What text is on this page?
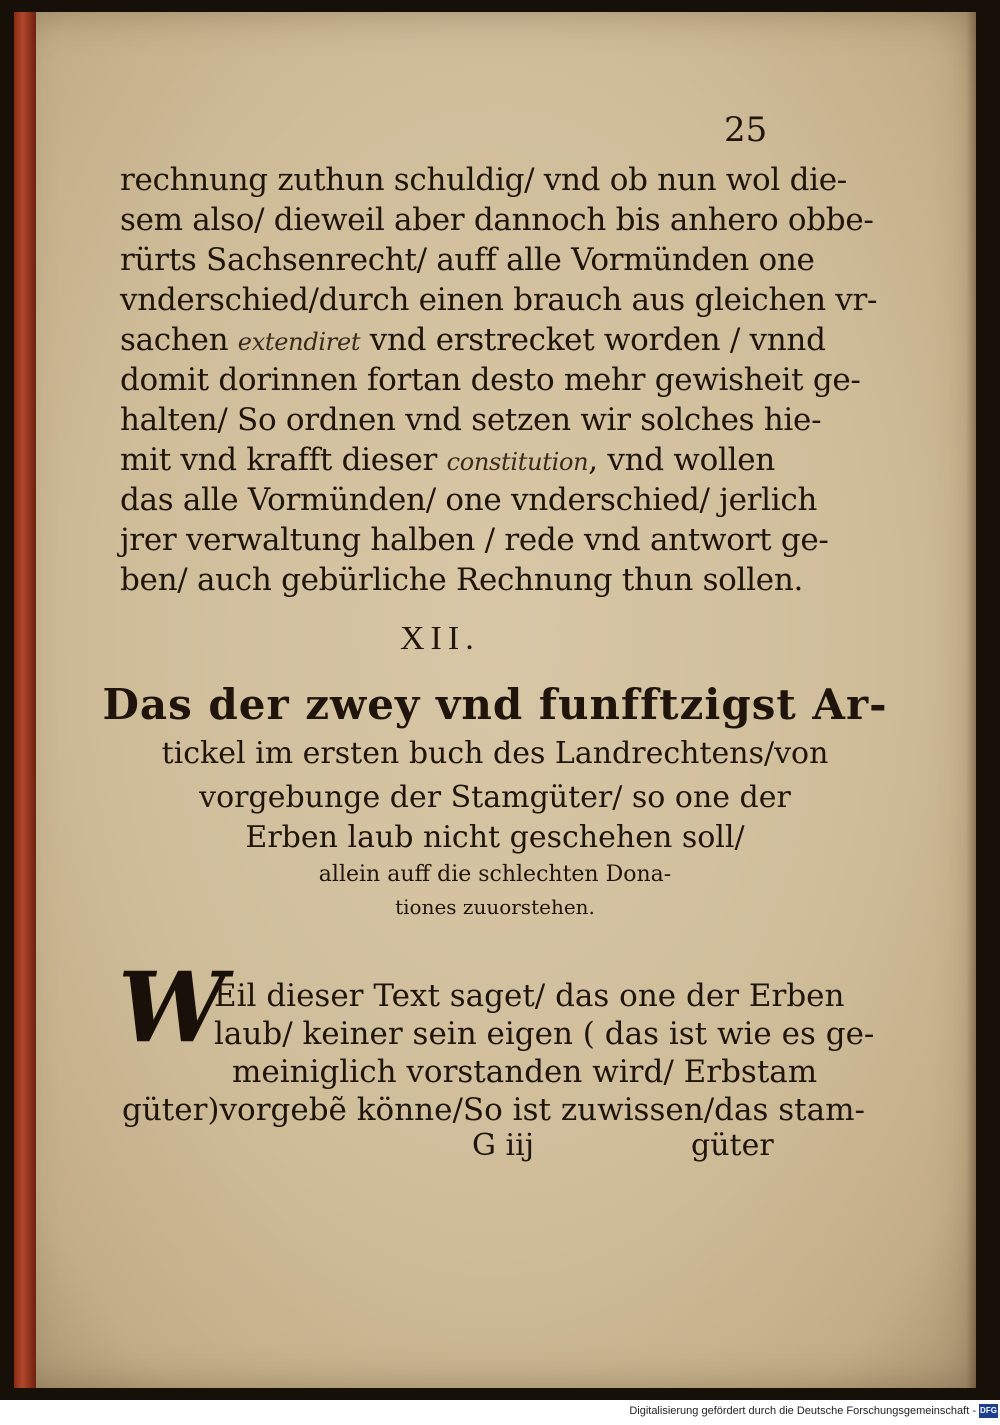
25
rechnung zuthun schuldig/ vnd ob nun wol die-
sem also/ dieweil aber dannoch bis anhero obbe-
rürts Sachsenrecht/ auff alle Vormünden one
vnderschied/durch einen brauch aus gleichen vr-
sachen extendiret vnd erstrecket worden / vnnd
domit dorinnen fortan desto mehr gewisheit ge-
halten/ So ordnen vnd setzen wir solches hie-
mit vnd krafft dieser constitution, vnd wollen
das alle Vormünden/ one vnderschied/ jerlich
jrer verwaltung halben / rede vnd antwort ge-
ben/ auch gebürliche Rechnung thun sollen.
XII.
Das der zwey vnd funfftzigst Ar-
tickel im ersten buch des Landrechtens/von
vorgebunge der Stamgüter/ so one der
Erben laub nicht geschehen soll/
allein auff die schlechten Dona-
tiones zuuorstehen.
W
Eil dieser Text saget/ das one der Erben
laub/ keiner sein eigen ( das ist wie es ge-
meiniglich vorstanden wird/ Erbstam
güter)vorgebẽ könne/So ist zuwissen/das stam-
G iij	güter
Digitalisierung gefördert durch die Deutsche Forschungsgemeinschaft - DFG
